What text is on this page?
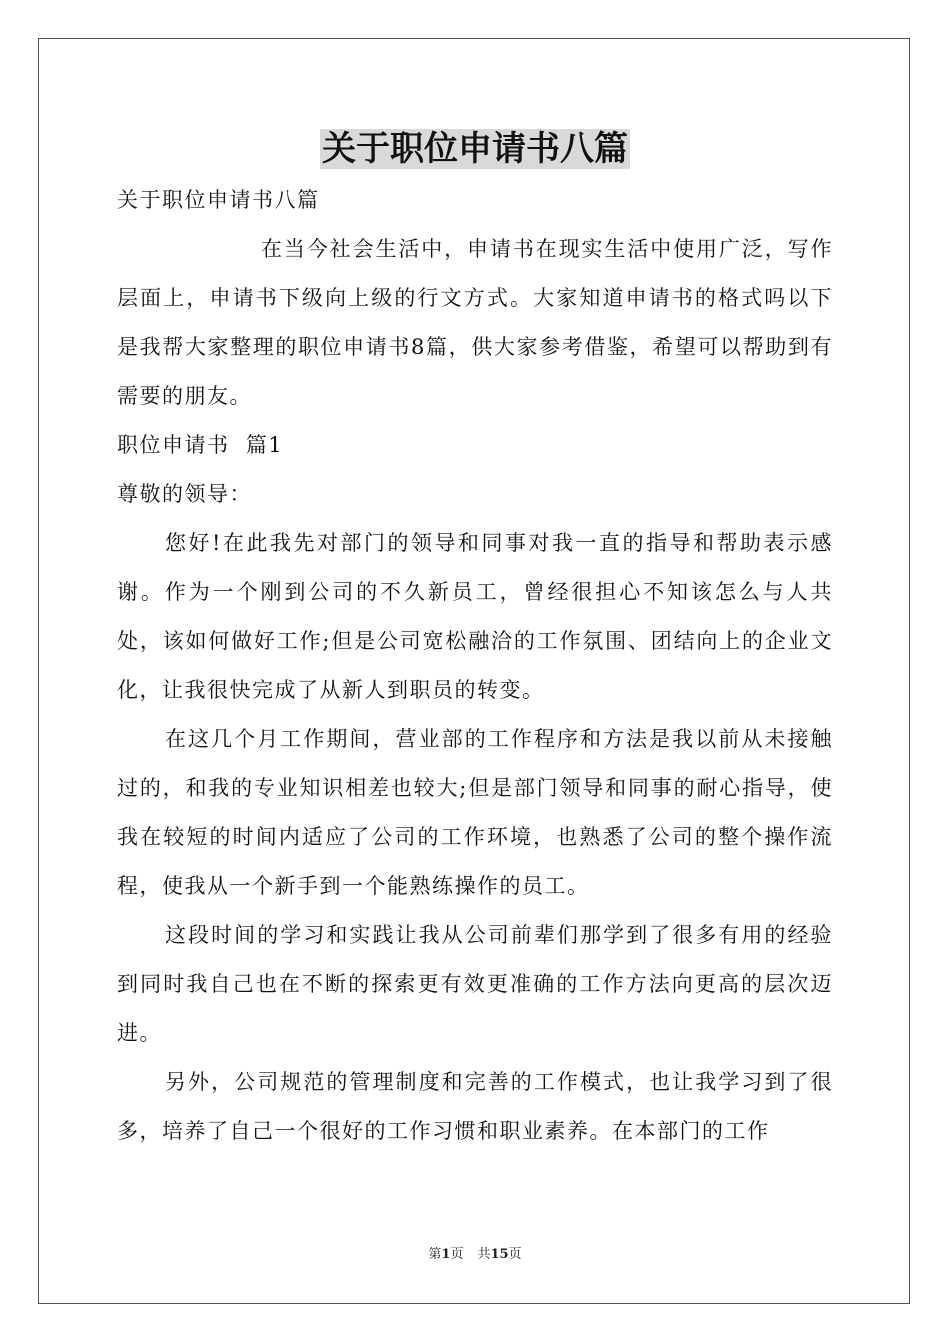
关于职位申请书八篇

关于职位申请书八篇

在当今社会生活中，申请书在现实生活中使用广泛，写作层面上，申请书下级向上级的行文方式。大家知道申请书的格式吗以下是我帮大家整理的职位申请书8篇，供大家参考借鉴，希望可以帮助到有需要的朋友。

职位申请书  篇1

尊敬的领导：

您好!在此我先对部门的领导和同事对我一直的指导和帮助表示感谢。作为一个刚到公司的不久新员工，曾经很担心不知该怎么与人共处，该如何做好工作;但是公司宽松融洽的工作氛围、团结向上的企业文化，让我很快完成了从新人到职员的转变。

在这几个月工作期间，营业部的工作程序和方法是我以前从未接触过的，和我的专业知识相差也较大;但是部门领导和同事的耐心指导，使我在较短的时间内适应了公司的工作环境，也熟悉了公司的整个操作流程，使我从一个新手到一个能熟练操作的员工。

这段时间的学习和实践让我从公司前辈们那学到了很多有用的经验到同时我自己也在不断的探索更有效更准确的工作方法向更高的层次迈进。

另外，公司规范的管理制度和完善的工作模式，也让我学习到了很多，培养了自己一个很好的工作习惯和职业素养。在本部门的工作

第1页 共15页
